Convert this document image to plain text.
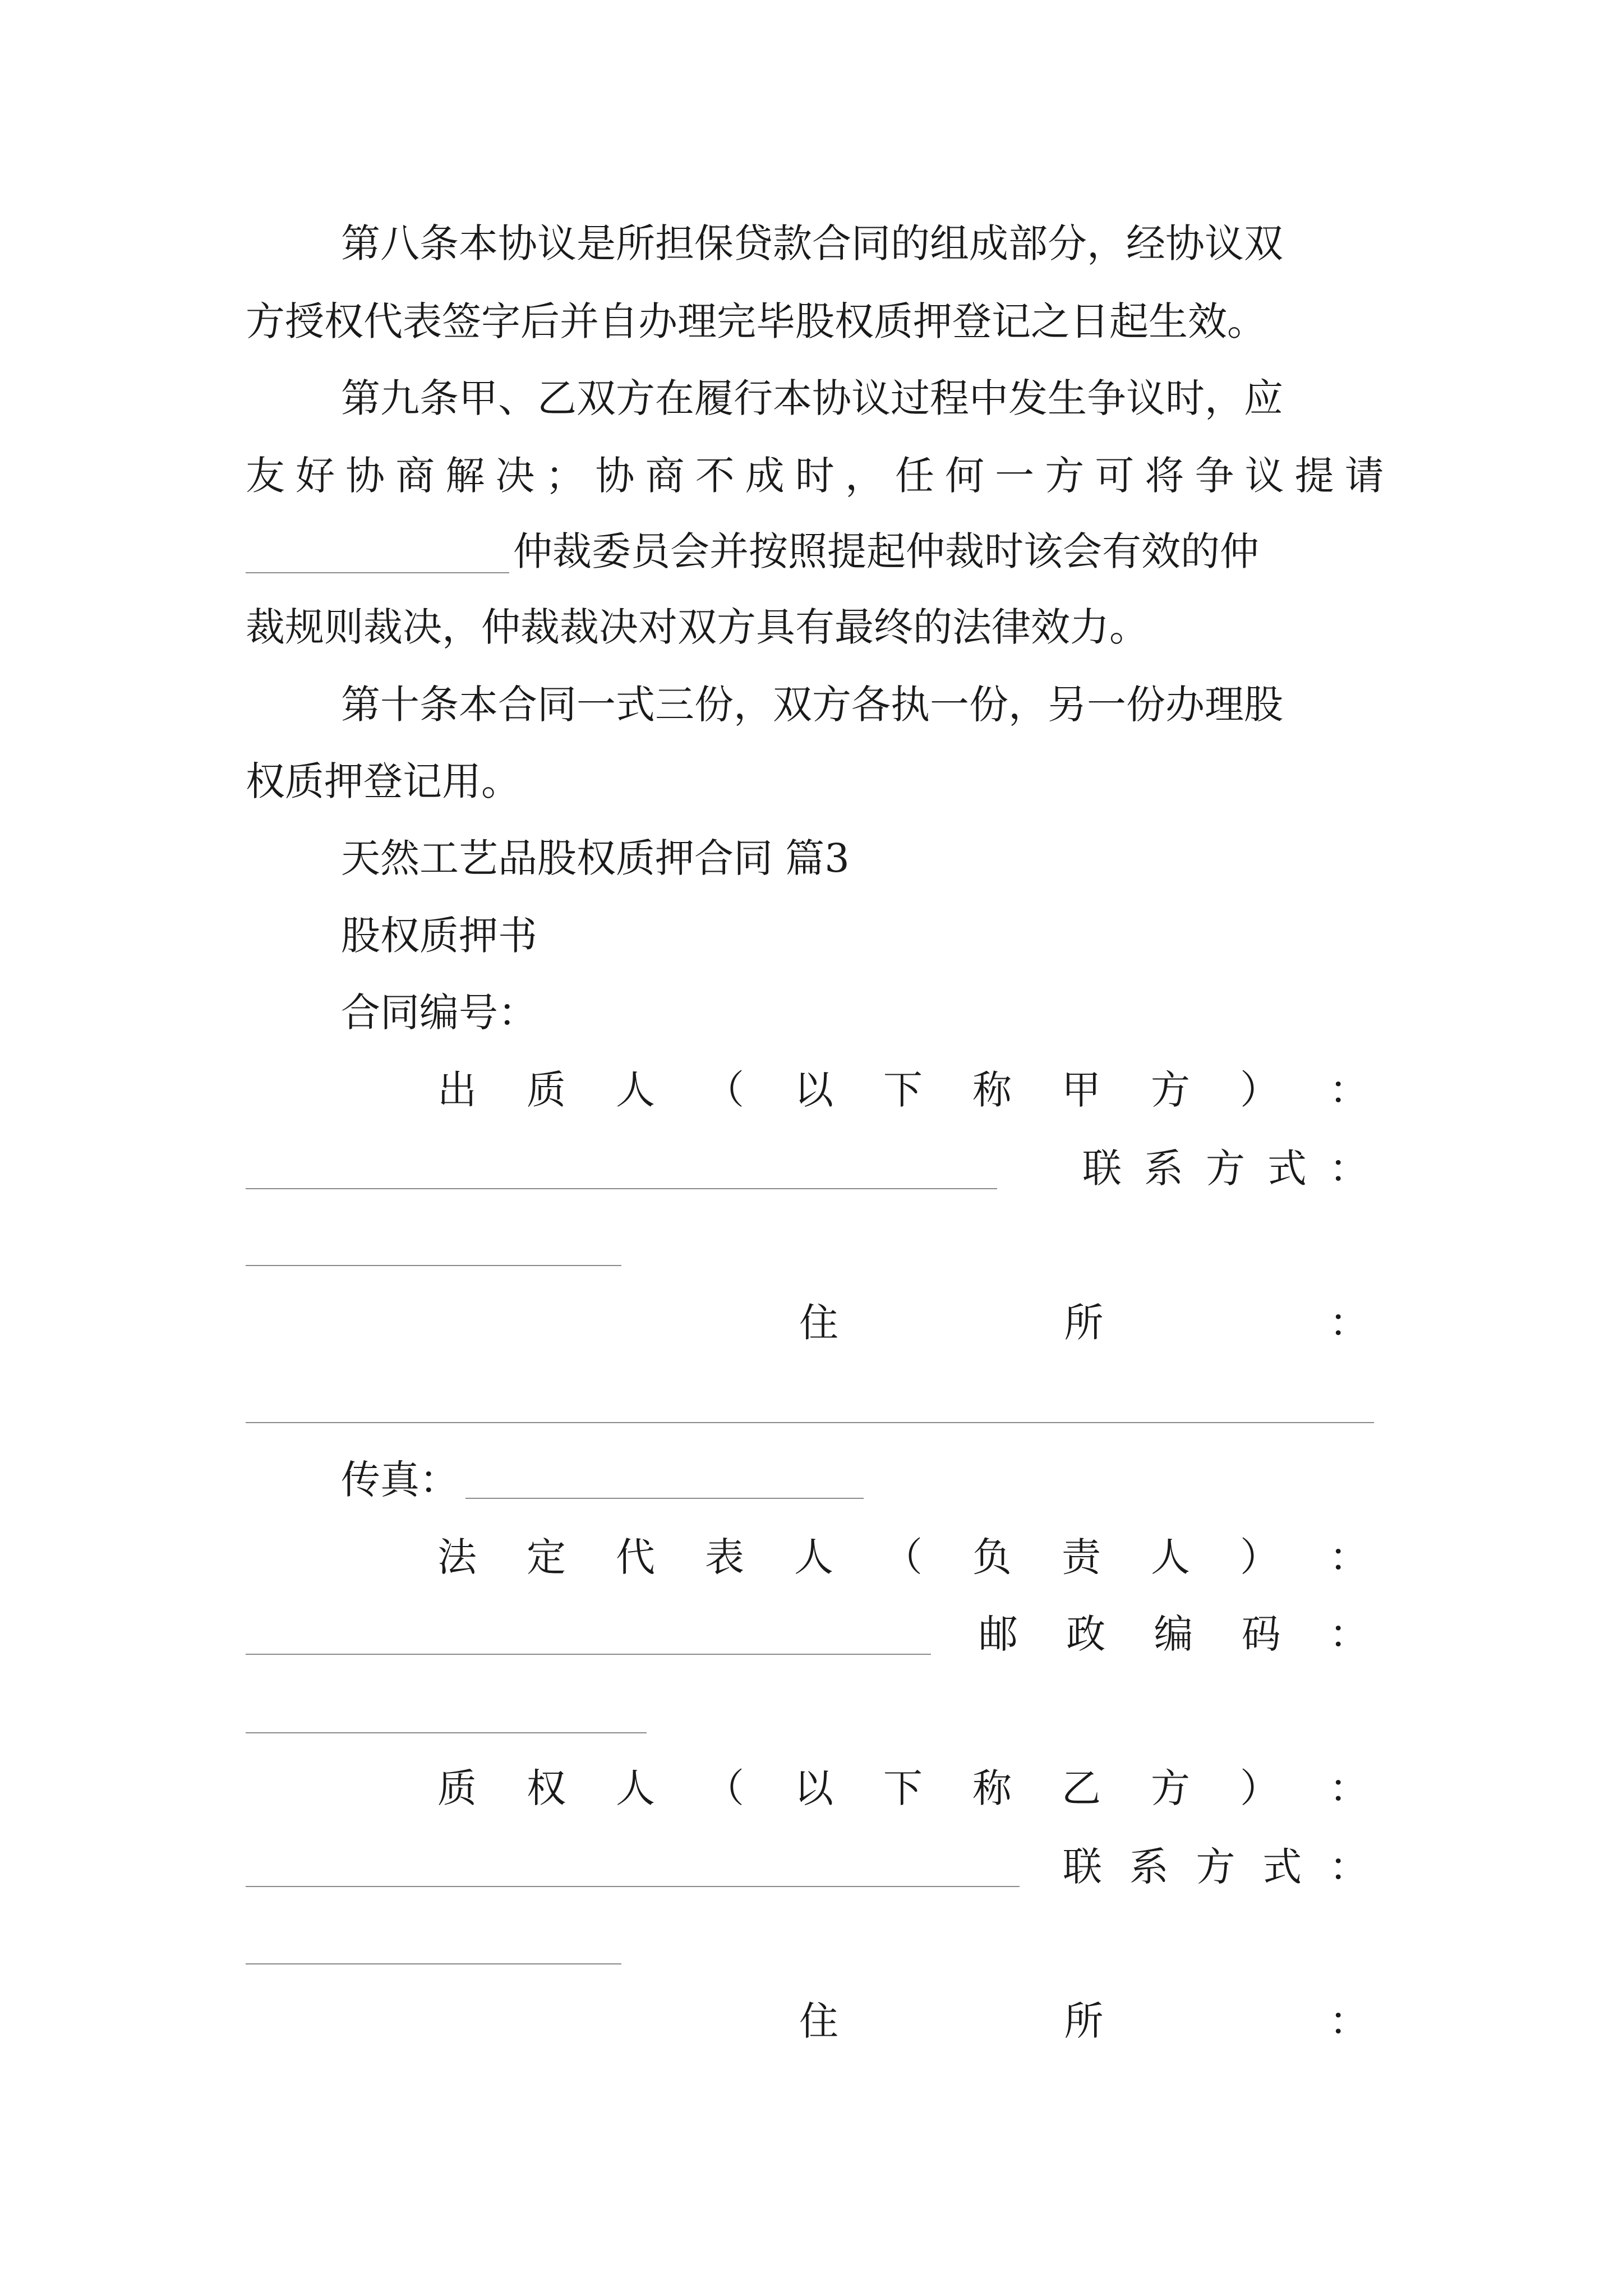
第八条本协议是所担保贷款合同的组成部分，经协议双
方授权代表签字后并自办理完毕股权质押登记之日起生效。
第九条甲、乙双方在履行本协议过程中发生争议时，应
友 好 协 商 解 决 ； 协 商 不 成 时 ， 任 何 一 方 可 将 争 议 提 请
仲裁委员会并按照提起仲裁时该会有效的仲
裁规则裁决，仲裁裁决对双方具有最终的法律效力。
第十条本合同一式三份，双方各执一份，另一份办理股
权质押登记用。
天然工艺品股权质押合同 篇3
股权质押书
合同编号：
出 质 人 （ 以 下 称 甲 方 ） ：
联 系 方 式 ：
住	所	：
传真：
法 定 代 表 人 （ 负 责 人 ） ：
邮 政 编 码 ：
质 权 人 （ 以 下 称 乙 方 ） ：
联 系 方 式 ：
住	所	：
